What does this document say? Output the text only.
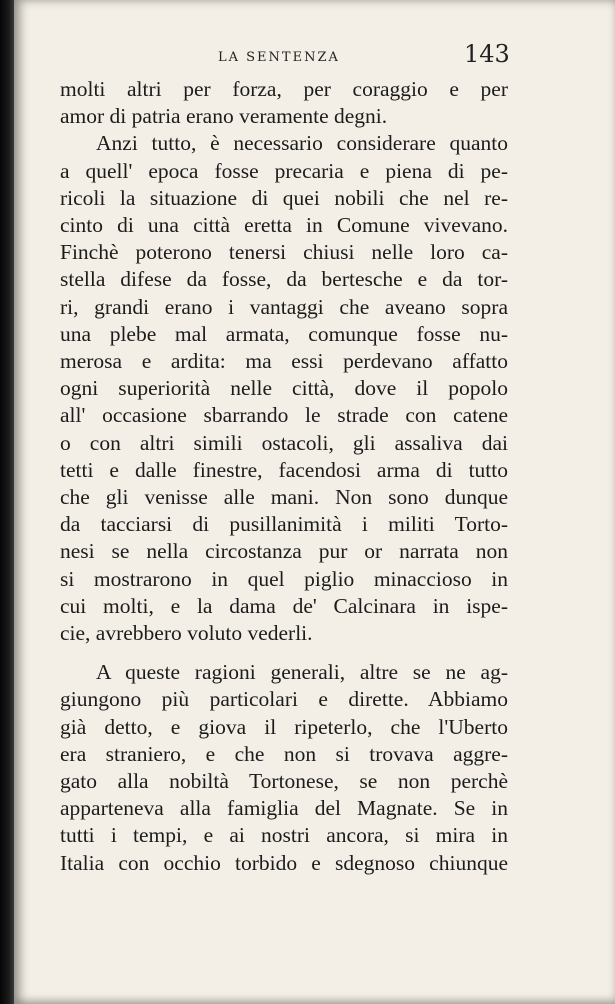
LA SENTENZA	143
molti altri per forza, per coraggio e per
amor di patria erano veramente degni.
Anzi tutto, è necessario considerare quanto
a quell' epoca fosse precaria e piena di pe-
ricoli la situazione di quei nobili che nel re-
cinto di una città eretta in Comune vivevano.
Finchè poterono tenersi chiusi nelle loro ca-
stella difese da fosse, da bertesche e da tor-
ri, grandi erano i vantaggi che aveano sopra
una plebe mal armata, comunque fosse nu-
merosa e ardita: ma essi perdevano affatto
ogni superiorità nelle città, dove il popolo
all' occasione sbarrando le strade con catene
o con altri simili ostacoli, gli assaliva dai
tetti e dalle finestre, facendosi arma di tutto
che gli venisse alle mani. Non sono dunque
da tacciarsi di pusillanimità i militi Torto-
nesi se nella circostanza pur or narrata non
si mostrarono in quel piglio minaccioso in
cui molti, e la dama de' Calcinara in ispe-
cie, avrebbero voluto vederli.
A queste ragioni generali, altre se ne ag-
giungono più particolari e dirette. Abbiamo
già detto, e giova il ripeterlo, che l'Uberto
era straniero, e che non si trovava aggre-
gato alla nobiltà Tortonese, se non perchè
apparteneva alla famiglia del Magnate. Se in
tutti i tempi, e ai nostri ancora, si mira in
Italia con occhio torbido e sdegnoso chiunque
